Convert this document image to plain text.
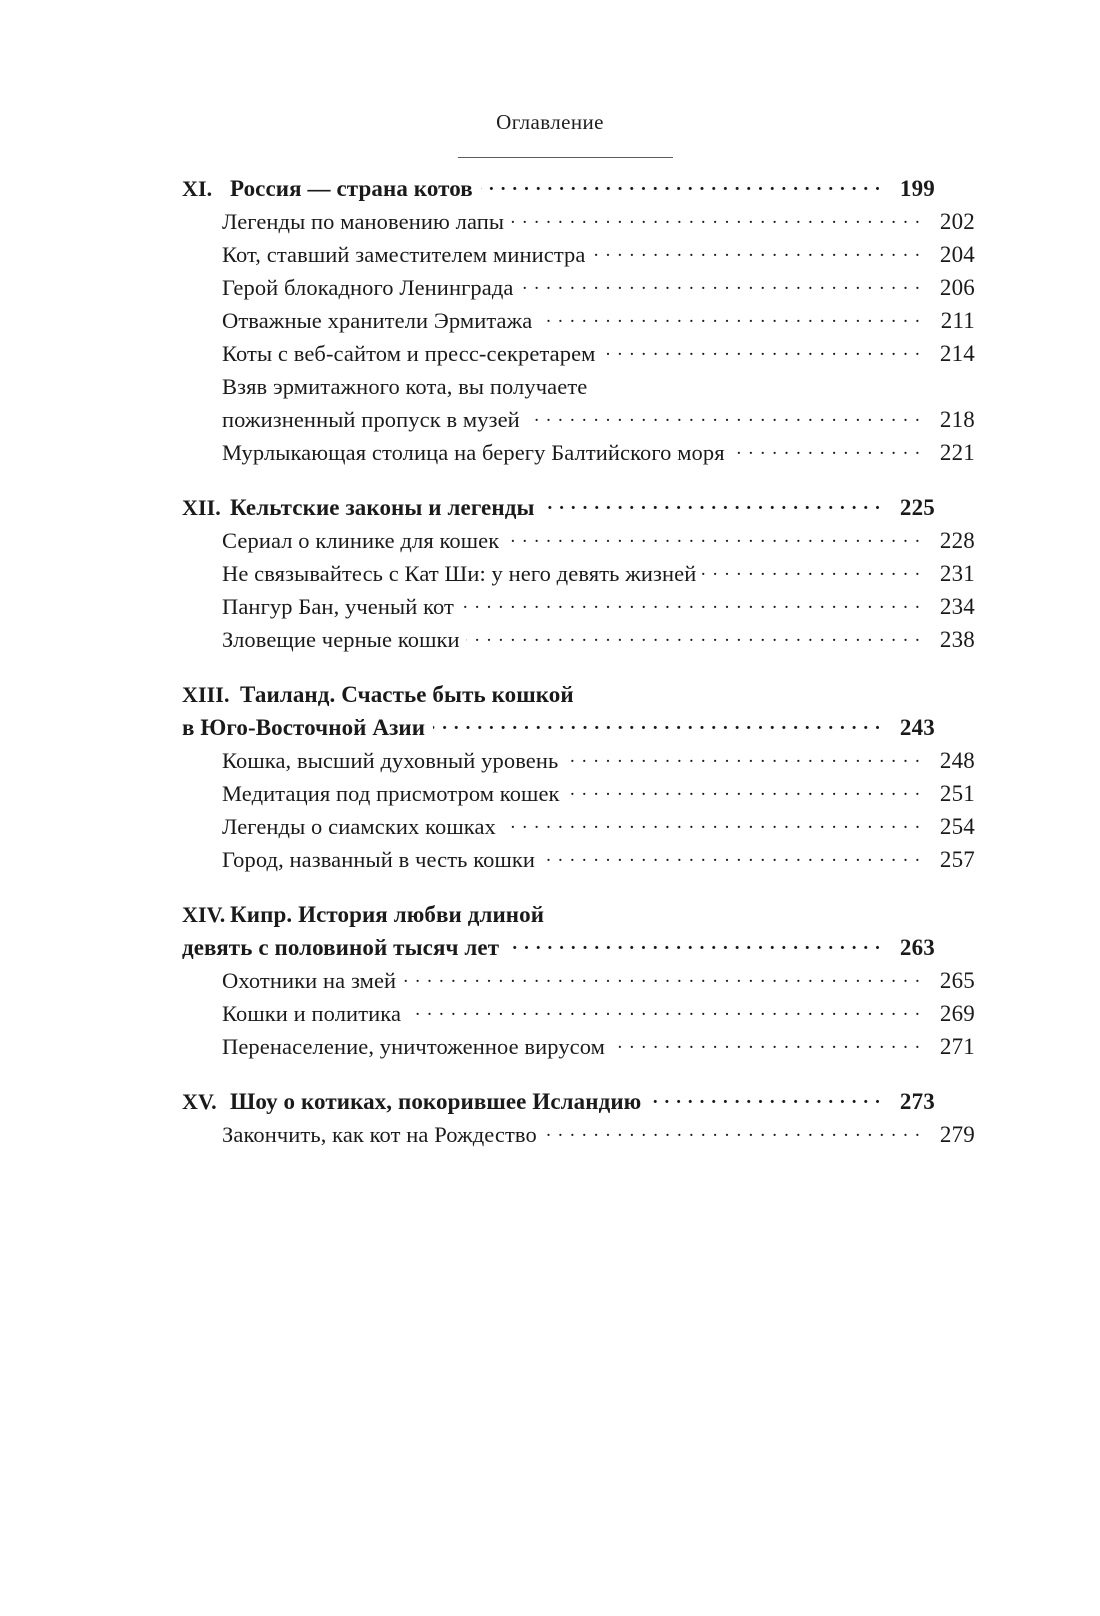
Оглавление
XI. Россия — страна котов . . .	199
Легенды по мановению лапы . . .	202
Кот, ставший заместителем министра . . .	204
Герой блокадного Ленинграда . . .	206
Отважные хранители Эрмитажа . . .	211
Коты с веб-сайтом и пресс-секретарем . . .	214
Взяв эрмитажного кота, вы получаете
пожизненный пропуск в музей . . .	218
Мурлыкающая столица на берегу Балтийского моря . . .	221
XII. Кельтские законы и легенды . . .	225
Сериал о клинике для кошек . . .	228
Не связывайтесь с Кат Ши: у него девять жизней . . .	231
Пангур Бан, ученый кот . . .	234
Зловещие черные кошки . . .	238
XIII. Таиланд. Счастье быть кошкой
в Юго-Восточной Азии . . .	243
Кошка, высший духовный уровень . . .	248
Медитация под присмотром кошек . . .	251
Легенды о сиамских кошках . . .	254
Город, названный в честь кошки . . .	257
XIV. Кипр. История любви длиной
девять с половиной тысяч лет . . .	263
Охотники на змей . . .	265
Кошки и политика . . .	269
Перенаселение, уничтоженное вирусом . . .	271
XV. Шоу о котиках, покорившее Исландию . . .	273
Закончить, как кот на Рождество . . .	279
